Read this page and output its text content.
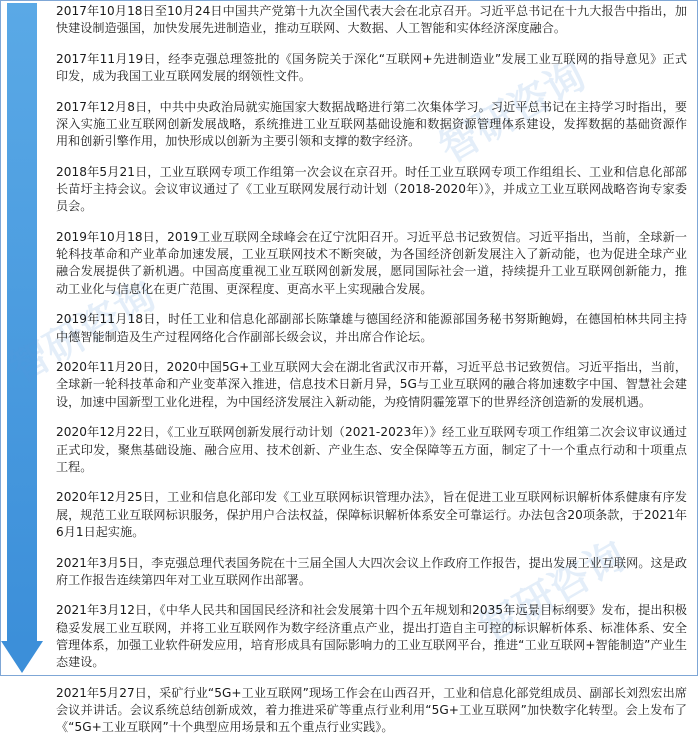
智研咨询
智研咨询
智研咨询

2017年10月18日至10月24日中国共产党第十九次全国代表大会在北京召开。习近平总书记在十九大报告中指出，加快建设制造强国，加快发展先进制造业，推动互联网、大数据、人工智能和实体经济深度融合。

2017年11月19日，经李克强总理签批的《国务院关于深化“互联网+先进制造业”发展工业互联网的指导意见》正式印发，成为我国工业互联网发展的纲领性文件。

2017年12月8日，中共中央政治局就实施国家大数据战略进行第二次集体学习。习近平总书记在主持学习时指出，要深入实施工业互联网创新发展战略，系统推进工业互联网基础设施和数据资源管理体系建设，发挥数据的基础资源作用和创新引擎作用，加快形成以创新为主要引领和支撑的数字经济。

2018年5月21日，工业互联网专项工作组第一次会议在京召开。时任工业互联网专项工作组组长、工业和信息化部部长苗圩主持会议。会议审议通过了《工业互联网发展行动计划（2018-2020年）》，并成立工业互联网战略咨询专家委员会。

2019年10月18日，2019工业互联网全球峰会在辽宁沈阳召开。习近平总书记致贺信。习近平指出，当前，全球新一轮科技革命和产业革命加速发展，工业互联网技术不断突破，为各国经济创新发展注入了新动能，也为促进全球产业融合发展提供了新机遇。中国高度重视工业互联网创新发展，愿同国际社会一道，持续提升工业互联网创新能力，推动工业化与信息化在更广范围、更深程度、更高水平上实现融合发展。

2019年11月18日，时任工业和信息化部副部长陈肇雄与德国经济和能源部国务秘书努斯鲍姆，在德国柏林共同主持中德智能制造及生产过程网络化合作副部长级会议，并出席合作论坛。

2020年11月20日，2020中国5G+工业互联网大会在湖北省武汉市开幕，习近平总书记致贺信。习近平指出，当前，全球新一轮科技革命和产业变革深入推进，信息技术日新月异，5G与工业互联网的融合将加速数字中国、智慧社会建设，加速中国新型工业化进程，为中国经济发展注入新动能，为疫情阴霾笼罩下的世界经济创造新的发展机遇。

2020年12月22日，《工业互联网创新发展行动计划（2021-2023年）》经工业互联网专项工作组第二次会议审议通过正式印发，聚焦基础设施、融合应用、技术创新、产业生态、安全保障等五方面，制定了十一个重点行动和十项重点工程。

2020年12月25日，工业和信息化部印发《工业互联网标识管理办法》，旨在促进工业互联网标识解析体系健康有序发展，规范工业互联网标识服务，保护用户合法权益，保障标识解析体系安全可靠运行。办法包含20项条款，于2021年6月1日起实施。

2021年3月5日，李克强总理代表国务院在十三届全国人大四次会议上作政府工作报告，提出发展工业互联网。这是政府工作报告连续第四年对工业互联网作出部署。

2021年3月12日，《中华人民共和国国民经济和社会发展第十四个五年规划和2035年远景目标纲要》发布，提出积极稳妥发展工业互联网，并将工业互联网作为数字经济重点产业，提出打造自主可控的标识解析体系、标准体系、安全管理体系，加强工业软件研发应用，培育形成具有国际影响力的工业互联网平台，推进“工业互联网+智能制造”产业生态建设。

2021年5月27日，采矿行业“5G+工业互联网”现场工作会在山西召开，工业和信息化部党组成员、副部长刘烈宏出席会议并讲话。会议系统总结创新成效，着力推进采矿等重点行业利用“5G+工业互联网”加快数字化转型。会上发布了《“5G+工业互联网”十个典型应用场景和五个重点行业实践》。
